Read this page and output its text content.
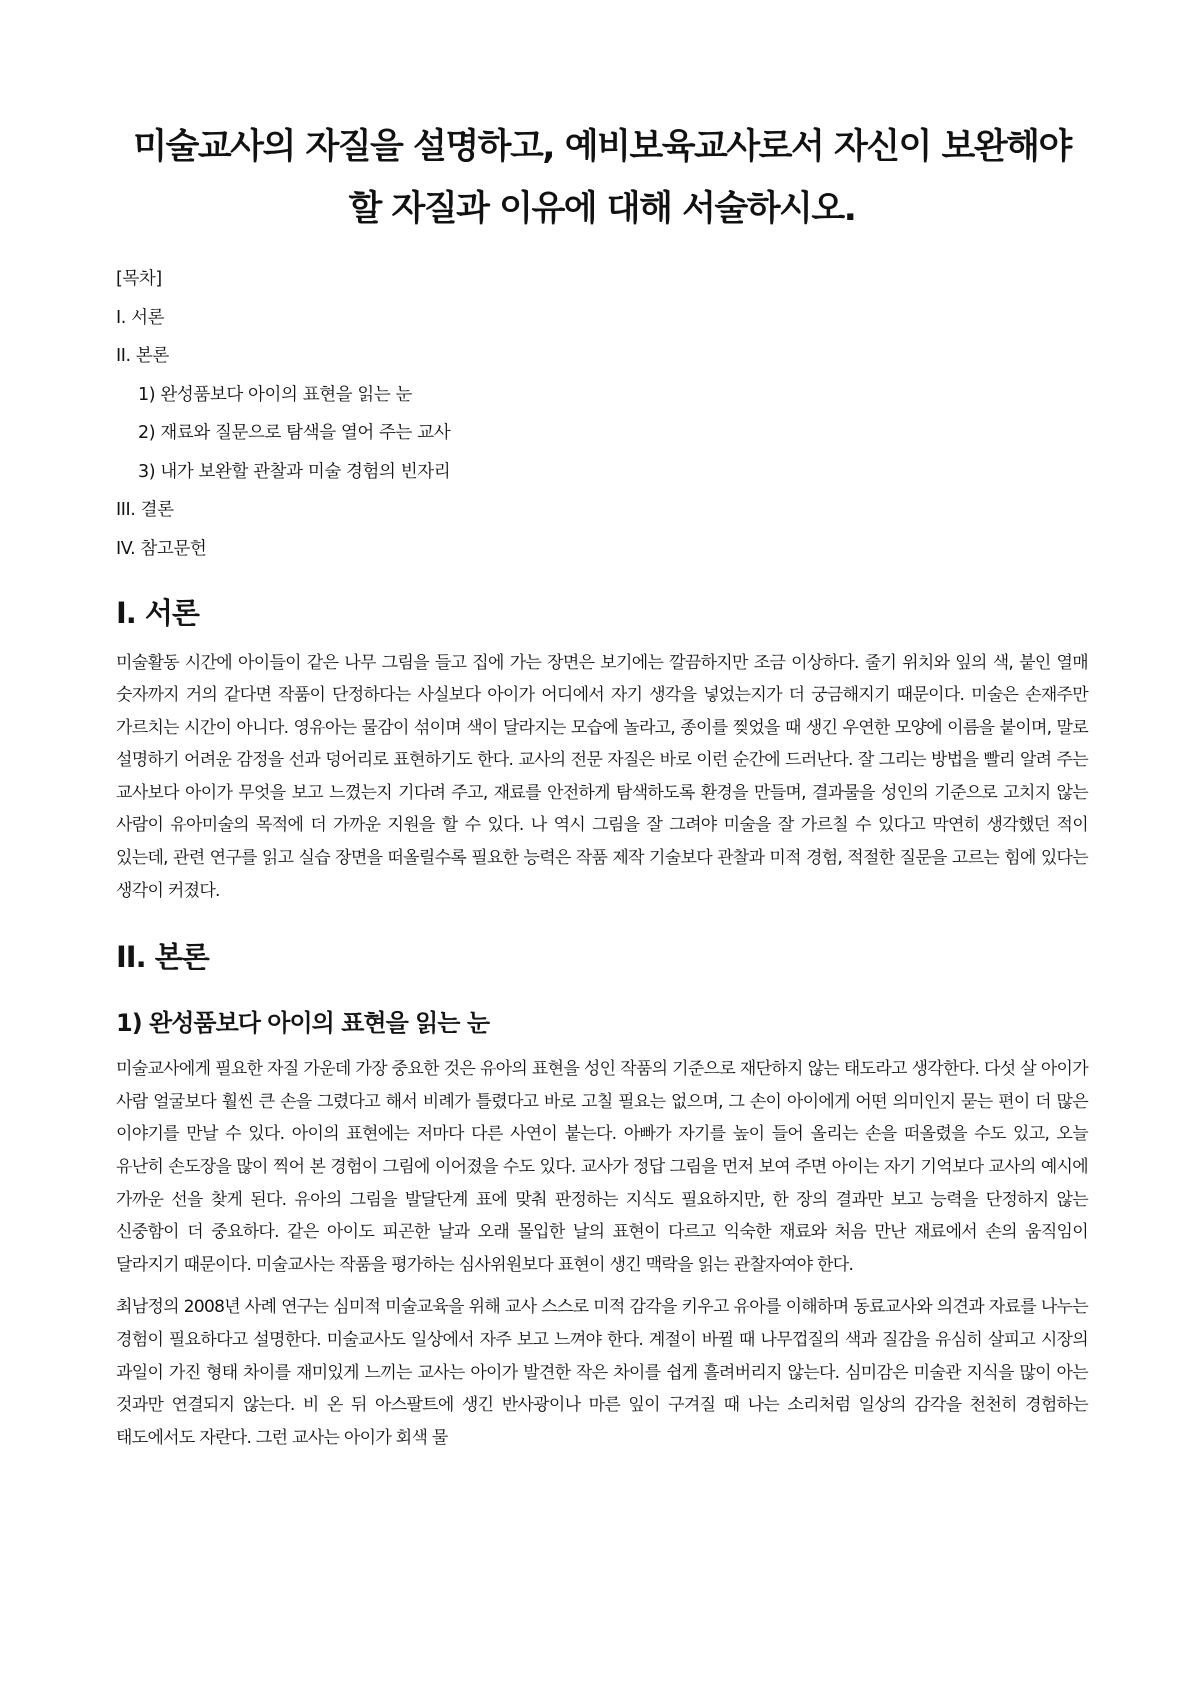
미술교사의 자질을 설명하고, 예비보육교사로서 자신이 보완해야 할 자질과 이유에 대해 서술하시오.
[목차]
I. 서론
II. 본론
1) 완성품보다 아이의 표현을 읽는 눈
2) 재료와 질문으로 탐색을 열어 주는 교사
3) 내가 보완할 관찰과 미술 경험의 빈자리
III. 결론
IV. 참고문헌
I. 서론

미술활동 시간에 아이들이 같은 나무 그림을 들고 집에 가는 장면은 보기에는 깔끔하지만 조금 이상하다. 줄기 위치와 잎의 색, 붙인 열매 숫자까지 거의 같다면 작품이 단정하다는 사실보다 아이가 어디에서 자기 생각을 넣었는지가 더 궁금해지기 때문이다. 미술은 손재주만 가르치는 시간이 아니다. 영유아는 물감이 섞이며 색이 달라지는 모습에 놀라고, 종이를 찢었을 때 생긴 우연한 모양에 이름을 붙이며, 말로 설명하기 어려운 감정을 선과 덩어리로 표현하기도 한다. 교사의 전문 자질은 바로 이런 순간에 드러난다. 잘 그리는 방법을 빨리 알려 주는 교사보다 아이가 무엇을 보고 느꼈는지 기다려 주고, 재료를 안전하게 탐색하도록 환경을 만들며, 결과물을 성인의 기준으로 고치지 않는 사람이 유아미술의 목적에 더 가까운 지원을 할 수 있다. 나 역시 그림을 잘 그려야 미술을 잘 가르칠 수 있다고 막연히 생각했던 적이 있는데, 관련 연구를 읽고 실습 장면을 떠올릴수록 필요한 능력은 작품 제작 기술보다 관찰과 미적 경험, 적절한 질문을 고르는 힘에 있다는 생각이 커졌다.

II. 본론
1) 완성품보다 아이의 표현을 읽는 눈

미술교사에게 필요한 자질 가운데 가장 중요한 것은 유아의 표현을 성인 작품의 기준으로 재단하지 않는 태도라고 생각한다. 다섯 살 아이가 사람 얼굴보다 훨씬 큰 손을 그렸다고 해서 비례가 틀렸다고 바로 고칠 필요는 없으며, 그 손이 아이에게 어떤 의미인지 묻는 편이 더 많은 이야기를 만날 수 있다. 아이의 표현에는 저마다 다른 사연이 붙는다. 아빠가 자기를 높이 들어 올리는 손을 떠올렸을 수도 있고, 오늘 유난히 손도장을 많이 찍어 본 경험이 그림에 이어졌을 수도 있다. 교사가 정답 그림을 먼저 보여 주면 아이는 자기 기억보다 교사의 예시에 가까운 선을 찾게 된다. 유아의 그림을 발달단계 표에 맞춰 판정하는 지식도 필요하지만, 한 장의 결과만 보고 능력을 단정하지 않는 신중함이 더 중요하다. 같은 아이도 피곤한 날과 오래 몰입한 날의 표현이 다르고 익숙한 재료와 처음 만난 재료에서 손의 움직임이 달라지기 때문이다. 미술교사는 작품을 평가하는 심사위원보다 표현이 생긴 맥락을 읽는 관찰자여야 한다.

최남정의 2008년 사례 연구는 심미적 미술교육을 위해 교사 스스로 미적 감각을 키우고 유아를 이해하며 동료교사와 의견과 자료를 나누는 경험이 필요하다고 설명한다. 미술교사도 일상에서 자주 보고 느껴야 한다. 계절이 바뀔 때 나무껍질의 색과 질감을 유심히 살피고 시장의 과일이 가진 형태 차이를 재미있게 느끼는 교사는 아이가 발견한 작은 차이를 쉽게 흘려버리지 않는다. 심미감은 미술관 지식을 많이 아는 것과만 연결되지 않는다. 비 온 뒤 아스팔트에 생긴 반사광이나 마른 잎이 구겨질 때 나는 소리처럼 일상의 감각을 천천히 경험하는 태도에서도 자란다. 그런 교사는 아이가 회색 물
